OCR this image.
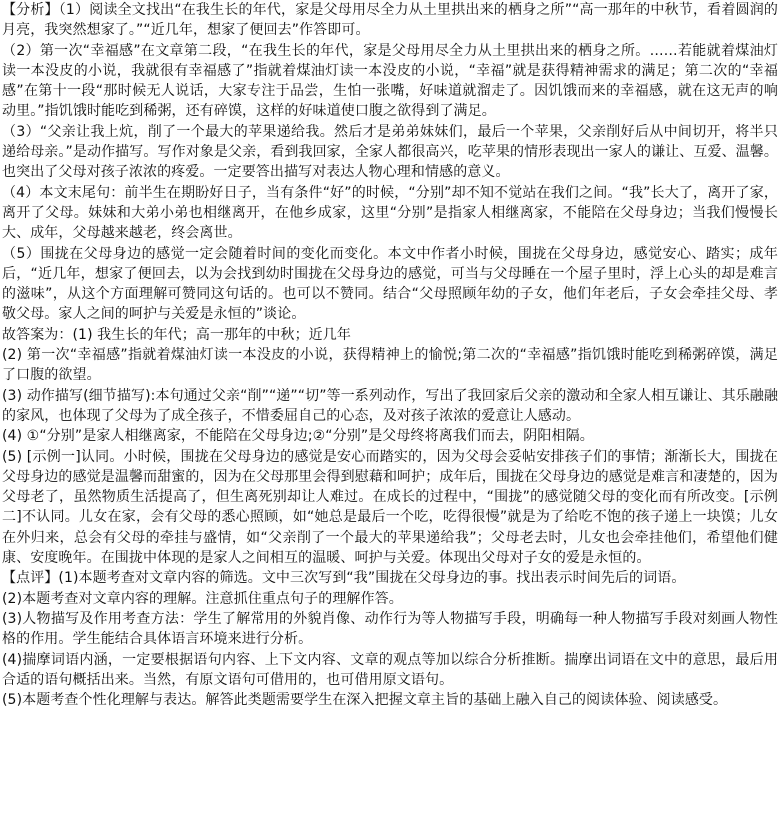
【分析】（1）阅读全文找出“在我生长的年代，家是父母用尽全力从土里拱出来的栖身之所”“高一那年的中秋节，看着圆润的月亮，我突然想家了。”“近几年，想家了便回去”作答即可。

（2）第一次“幸福感”在文章第二段，“在我生长的年代，家是父母用尽全力从土里拱出来的栖身之所。……若能就着煤油灯读一本没皮的小说，我就很有幸福感了”指就着煤油灯读一本没皮的小说，“幸福”就是获得精神需求的满足；第二次的“幸福感”在第十一段“那时候无人说话，大家专注于品尝，生怕一张嘴，好味道就溜走了。因饥饿而来的幸福感，就在这无声的响动里。”指饥饿时能吃到稀粥，还有碎馍，这样的好味道使口腹之欲得到了满足。

（3）“父亲让我上炕，削了一个最大的苹果递给我。然后才是弟弟妹妹们，最后一个苹果，父亲削好后从中间切开，将半只递给母亲。”是动作描写。写作对象是父亲，看到我回家，全家人都很高兴，吃苹果的情形表现出一家人的谦让、互爱、温馨。也突出了父母对孩子浓浓的疼爱。一定要答出描写对表达人物心理和情感的意义。

（4）本文末尾句：前半生在期盼好日子，当有条件“好”的时候，“分别”却不知不觉站在我们之间。“我”长大了，离开了家，离开了父母。妹妹和大弟小弟也相继离开，在他乡成家，这里“分别”是指家人相继离家，不能陪在父母身边；当我们慢慢长大、成年，父母越来越老，终会离世。

（5）围拢在父母身边的感觉一定会随着时间的变化而变化。本文中作者小时候，围拢在父母身边，感觉安心、踏实；成年后，“近几年，想家了便回去，以为会找到幼时围拢在父母身边的感觉，可当与父母睡在一个屋子里时，浮上心头的却是难言的滋味”，从这个方面理解可赞同这句话的。也可以不赞同。结合“父母照顾年幼的子女，他们年老后，子女会牵挂父母、孝敬父母。家人之间的呵护与关爱是永恒的”谈论。

故答案为：(1) 我生长的年代；高一那年的中秋；近几年

(2) 第一次“幸福感”指就着煤油灯读一本没皮的小说，获得精神上的愉悦;第二次的“幸福感”指饥饿时能吃到稀粥碎馍，满足了口腹的欲望。

(3) 动作描写(细节描写):本句通过父亲“削”“递”“切”等一系列动作，写出了我回家后父亲的激动和全家人相互谦让、其乐融融的家风，也体现了父母为了成全孩子，不惜委屈自己的心态，及对孩子浓浓的爱意让人感动。

(4) ①“分别”是家人相继离家，不能陪在父母身边;②“分别”是父母终将离我们而去，阴阳相隔。

(5) [示例一]认同。小时候，围拢在父母身边的感觉是安心而踏实的，因为父母会妥帖安排孩子们的事情；渐渐长大，围拢在父母身边的感觉是温馨而甜蜜的，因为在父母那里会得到慰藉和呵护；成年后，围拢在父母身边的感觉是难言和凄楚的，因为父母老了，虽然物质生活提高了，但生离死别却让人难过。在成长的过程中，“围拢”的感觉随父母的变化而有所改变。[示例二]不认同。儿女在家，会有父母的悉心照顾，如“她总是最后一个吃，吃得很慢”就是为了给吃不饱的孩子递上一块馍；儿女在外归来，总会有父母的牵挂与盛情，如“父亲削了一个最大的苹果递给我”；父母老去时，儿女也会牵挂他们，希望他们健康、安度晚年。在围拢中体现的是家人之间相互的温暖、呵护与关爱。体现出父母对子女的爱是永恒的。

【点评】(1)本题考查对文章内容的筛选。文中三次写到“我”围拢在父母身边的事。找出表示时间先后的词语。

(2)本题考查对文章内容的理解。注意抓住重点句子的理解作答。

(3)人物描写及作用考查方法：学生了解常用的外貌肖像、动作行为等人物描写手段，明确每一种人物描写手段对刻画人物性格的作用。学生能结合具体语言环境来进行分析。

(4)揣摩词语内涵，一定要根据语句内容、上下文内容、文章的观点等加以综合分析推断。揣摩出词语在文中的意思，最后用合适的语句概括出来。当然，有原文语句可借用的，也可借用原文语句。

(5)本题考查个性化理解与表达。解答此类题需要学生在深入把握文章主旨的基础上融入自己的阅读体验、阅读感受。
